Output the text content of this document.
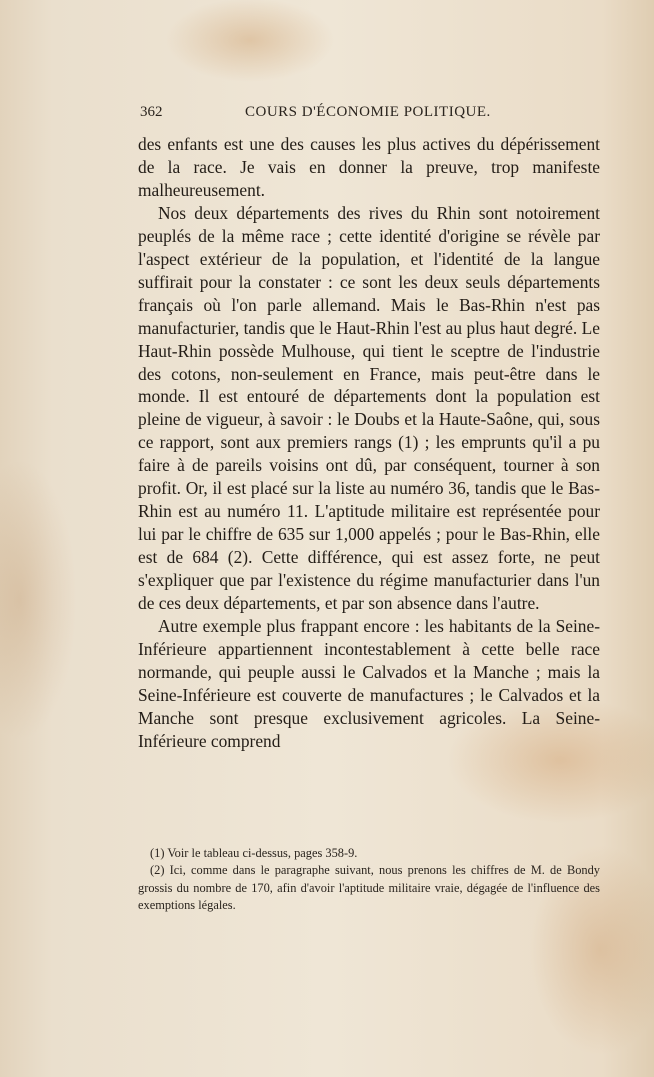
362	COURS D'ÉCONOMIE POLITIQUE.

des enfants est une des causes les plus actives du dépérissement de la race. Je vais en donner la preuve, trop manifeste malheureusement.

Nos deux départements des rives du Rhin sont notoirement peuplés de la même race ; cette identité d'origine se révèle par l'aspect extérieur de la population, et l'identité de la langue suffirait pour la constater : ce sont les deux seuls départements français où l'on parle allemand. Mais le Bas-Rhin n'est pas manufacturier, tandis que le Haut-Rhin l'est au plus haut degré. Le Haut-Rhin possède Mulhouse, qui tient le sceptre de l'industrie des cotons, non-seulement en France, mais peut-être dans le monde. Il est entouré de départements dont la population est pleine de vigueur, à savoir : le Doubs et la Haute-Saône, qui, sous ce rapport, sont aux premiers rangs (1) ; les emprunts qu'il a pu faire à de pareils voisins ont dû, par conséquent, tourner à son profit. Or, il est placé sur la liste au numéro 36, tandis que le Bas-Rhin est au numéro 11. L'aptitude militaire est représentée pour lui par le chiffre de 635 sur 1,000 appelés ; pour le Bas-Rhin, elle est de 684 (2). Cette différence, qui est assez forte, ne peut s'expliquer que par l'existence du régime manufacturier dans l'un de ces deux départements, et par son absence dans l'autre.

Autre exemple plus frappant encore : les habitants de la Seine-Inférieure appartiennent incontestablement à cette belle race normande, qui peuple aussi le Calvados et la Manche ; mais la Seine-Inférieure est couverte de manufactures ; le Calvados et la Manche sont presque exclusivement agricoles. La Seine-Inférieure comprend

(1) Voir le tableau ci-dessus, pages 358-9.

(2) Ici, comme dans le paragraphe suivant, nous prenons les chiffres de M. de Bondy grossis du nombre de 170, afin d'avoir l'aptitude militaire vraie, dégagée de l'influence des exemptions légales.
